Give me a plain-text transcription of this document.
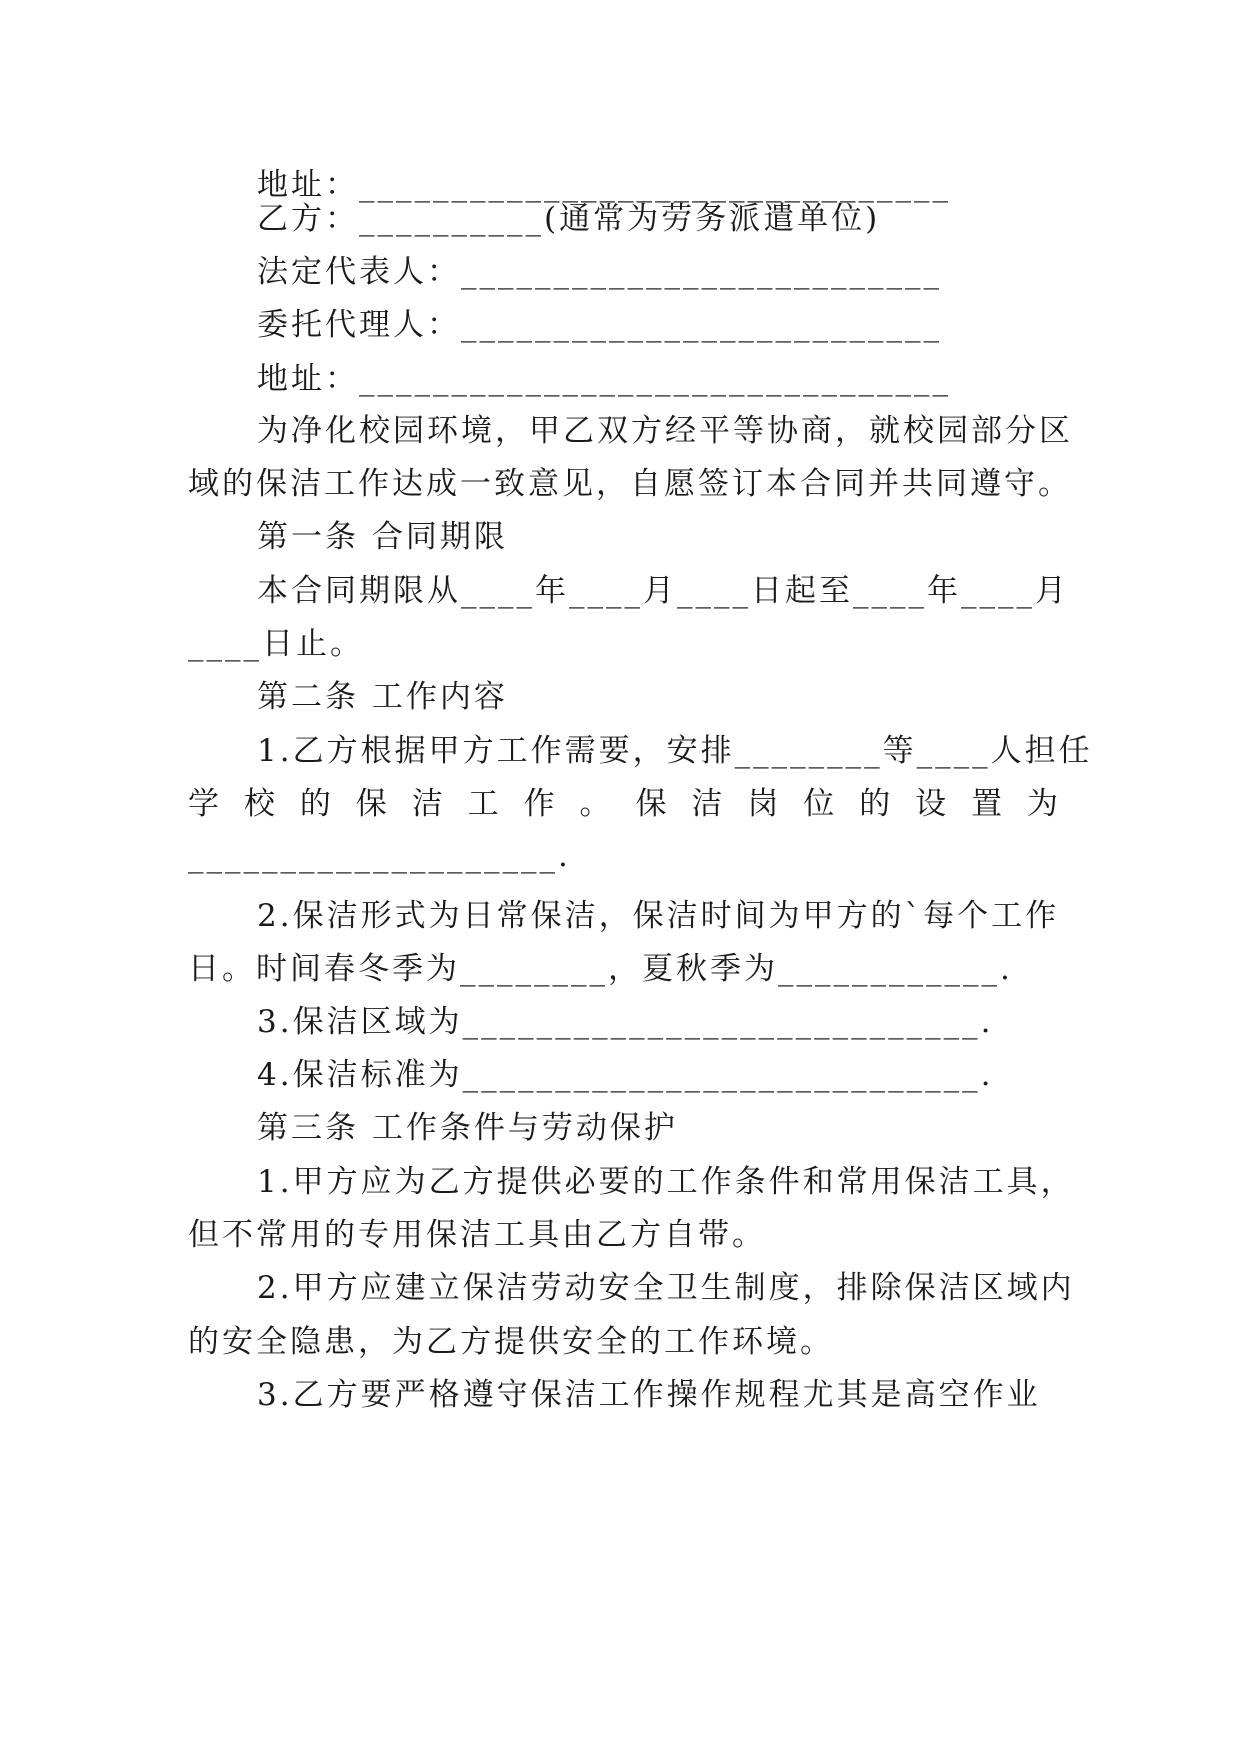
地址：________________________________
乙方：__________(通常为劳务派遣单位)
法定代表人：__________________________
委托代理人：__________________________
地址：________________________________
为净化校园环境，甲乙双方经平等协商，就校园部分区
域的保洁工作达成一致意见，自愿签订本合同并共同遵守。
第一条 合同期限
本合同期限从____年____月____日起至____年____月
____日止。
第二条 工作内容
1.乙方根据甲方工作需要，安排________等____人担任
学 校 的 保 洁 工 作 。 保 洁 岗 位 的 设 置 为
____________________.
2.保洁形式为日常保洁，保洁时间为甲方的`每个工作
日。时间春冬季为________，夏秋季为____________.
3.保洁区域为____________________________.
4.保洁标准为____________________________.
第三条 工作条件与劳动保护
1.甲方应为乙方提供必要的工作条件和常用保洁工具，
但不常用的专用保洁工具由乙方自带。
2.甲方应建立保洁劳动安全卫生制度，排除保洁区域内
的安全隐患，为乙方提供安全的工作环境。
3.乙方要严格遵守保洁工作操作规程尤其是高空作业
